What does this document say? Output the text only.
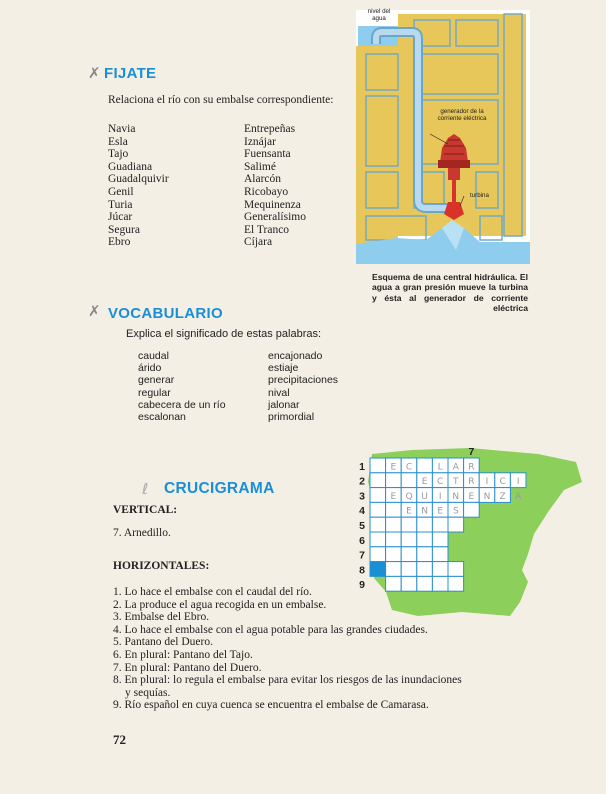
✗ FIJATE
Relaciona el río con su embalse correspondiente:
Navia
Esla
Tajo
Guadiana
Guadalquivir
Genil
Turia
Júcar
Segura
Ebro
Entrepeñas
Iznájar
Fuensanta
Salimé
Alarcón
Ricobayo
Mequinenza
Generalísimo
El Tranco
Cíjara
nivel del agua
generador de la corriente eléctrica
turbina
Esquema de una central hidráulica. El agua a gran presión mueve la turbina y ésta al generador de corriente eléctrica
✗ VOCABULARIO
Explica el significado de estas palabras:
caudal
árido
generar
regular
cabecera de un río
escalonan
encajonado
estiaje
precipitaciones
nival
jalonar
primordial
ℓ CRUCIGRAMA
VERTICAL:
7. Arnedillo.
HORIZONTALES:
1. Lo hace el embalse con el caudal del río.
2. La produce el agua recogida en un embalse.
3. Embalse del Ebro.
4. Lo hace el embalse con el agua potable para las grandes ciudades.
5. Pantano del Duero.
6. En plural: Pantano del Tajo.
7. En plural: Pantano del Duero.
8. En plural: lo regula el embalse para evitar los riesgos de las inundaciones
y sequías.
9. Río español en cuya cuenca se encuentra el embalse de Camarasa.
E C	L A R
E C T R I C I
E Q U I N E N Z A
E N E S
1
2
3
4
5
6
7
8
9
7
72
